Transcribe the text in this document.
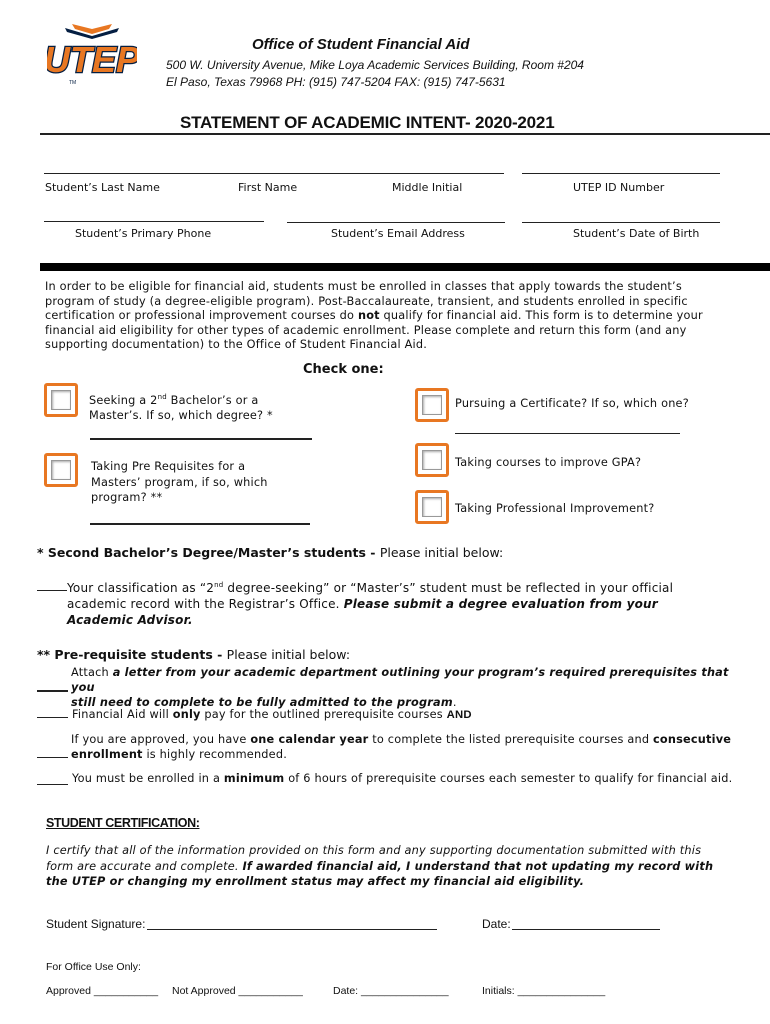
UTEP
TM
Office of Student Financial Aid
500 W. University Avenue, Mike Loya Academic Services Building, Room #204
El Paso, Texas 79968 PH: (915) 747-5204 FAX: (915) 747-5631
STATEMENT OF ACADEMIC INTENT- 2020-2021
Student’s Last Name	First Name	Middle Initial	UTEP ID Number
Student’s Primary Phone	Student’s Email Address	Student’s Date of Birth
In order to be eligible for financial aid, students must be enrolled in classes that apply towards the student’s program of study (a degree-eligible program). Post-Baccalaureate, transient, and students enrolled in specific certification or professional improvement courses do not qualify for financial aid. This form is to determine your financial aid eligibility for other types of academic enrollment. Please complete and return this form (and any supporting documentation) to the Office of Student Financial Aid.
Check one:
Seeking a 2nd Bachelor’s or a
Master’s. If so, which degree? *
Taking Pre Requisites for a
Masters’ program, if so, which
program? **
Pursuing a Certificate? If so, which one?
Taking courses to improve GPA?
Taking Professional Improvement?
* Second Bachelor’s Degree/Master’s students - Please initial below:
Your classification as “2nd degree-seeking” or “Master’s” student must be reflected in your official
academic record with the Registrar’s Office. Please submit a degree evaluation from your
Academic Advisor.
** Pre-requisite students - Please initial below:
Attach a letter from your academic department outlining your program’s required prerequisites that you
still need to complete to be fully admitted to the program.
Financial Aid will only pay for the outlined prerequisite courses AND
If you are approved, you have one calendar year to complete the listed prerequisite courses and consecutive
enrollment is highly recommended.
You must be enrolled in a minimum of 6 hours of prerequisite courses each semester to qualify for financial aid.
STUDENT CERTIFICATION:
I certify that all of the information provided on this form and any supporting documentation submitted with this
form are accurate and complete. If awarded financial aid, I understand that not updating my record with
the UTEP or changing my enrollment status may affect my financial aid eligibility.
Student Signature:	Date:
For Office Use Only:
Approved ___________ Not Approved ___________	Date: _______________	Initials: _______________
